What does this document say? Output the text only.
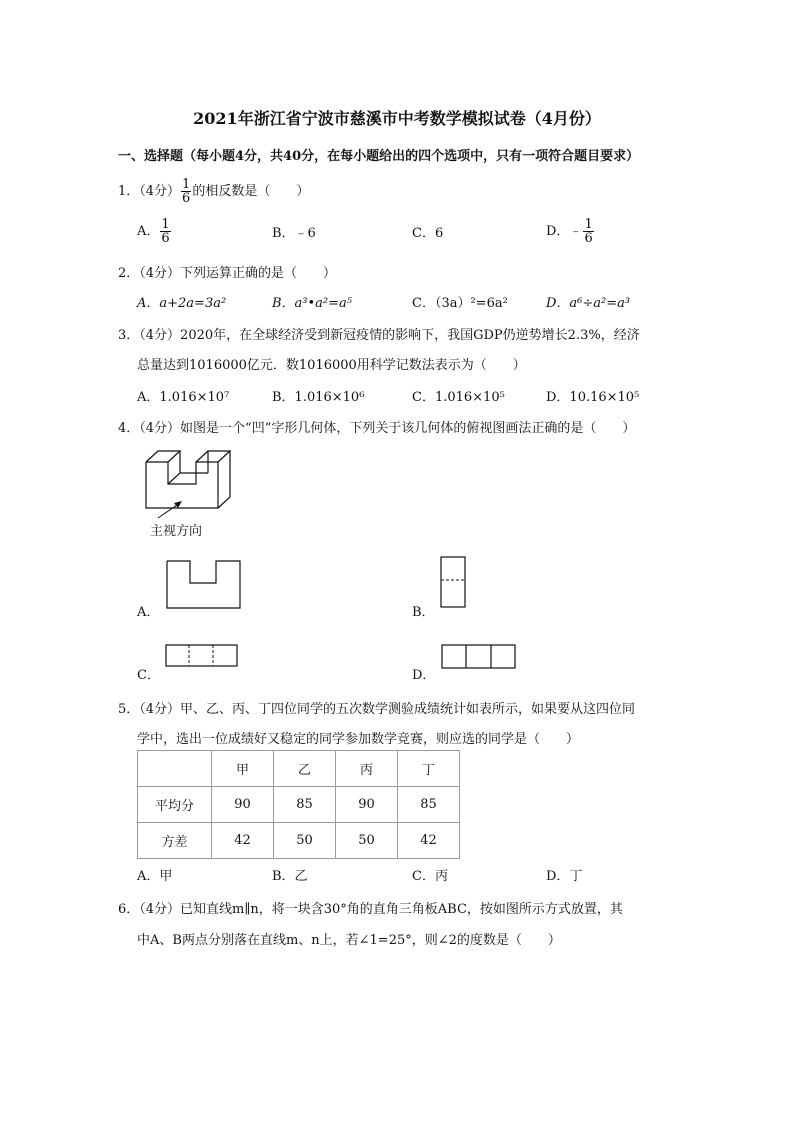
2021年浙江省宁波市慈溪市中考数学模拟试卷（4月份）
一、选择题（每小题4分，共40分，在每小题给出的四个选项中，只有一项符合题目要求）
1．（4分） $\frac{1}{6}$ 的相反数是（　　）
A． $\frac{1}{6}$	B．﹣6	C．6	D．﹣ $\frac{1}{6}$
2．（4分）下列运算正确的是（　　）
A．a+2a=3a²	B．a³•a²=a⁵	C．（3a）²=6a²	D．a⁶÷a²=a³
3．（4分）2020年，在全球经济受到新冠疫情的影响下，我国GDP仍逆势增长2.3%，经济
总量达到1016000亿元．数1016000用科学记数法表示为（　　）
A．1.016×10⁷	B．1.016×10⁶	C．1.016×10⁵	D．10.16×10⁵
4．（4分）如图是一个“凹”字形几何体，下列关于该几何体的俯视图画法正确的是（　　）
主视方向
A．	B．
C．	D．
5．（4分）甲、乙、丙、丁四位同学的五次数学测验成绩统计如表所示，如果要从这四位同
学中，选出一位成绩好又稳定的同学参加数学竞赛，则应选的同学是（　　）
	甲	乙	丙	丁
平均分	90	85	90	85
方差	42	50	50	42
A．甲	B．乙	C．丙	D．丁
6．（4分）已知直线m∥n，将一块含30°角的直角三角板ABC，按如图所示方式放置，其
中A、B两点分别落在直线m、n上，若∠1=25°，则∠2的度数是（　　）
